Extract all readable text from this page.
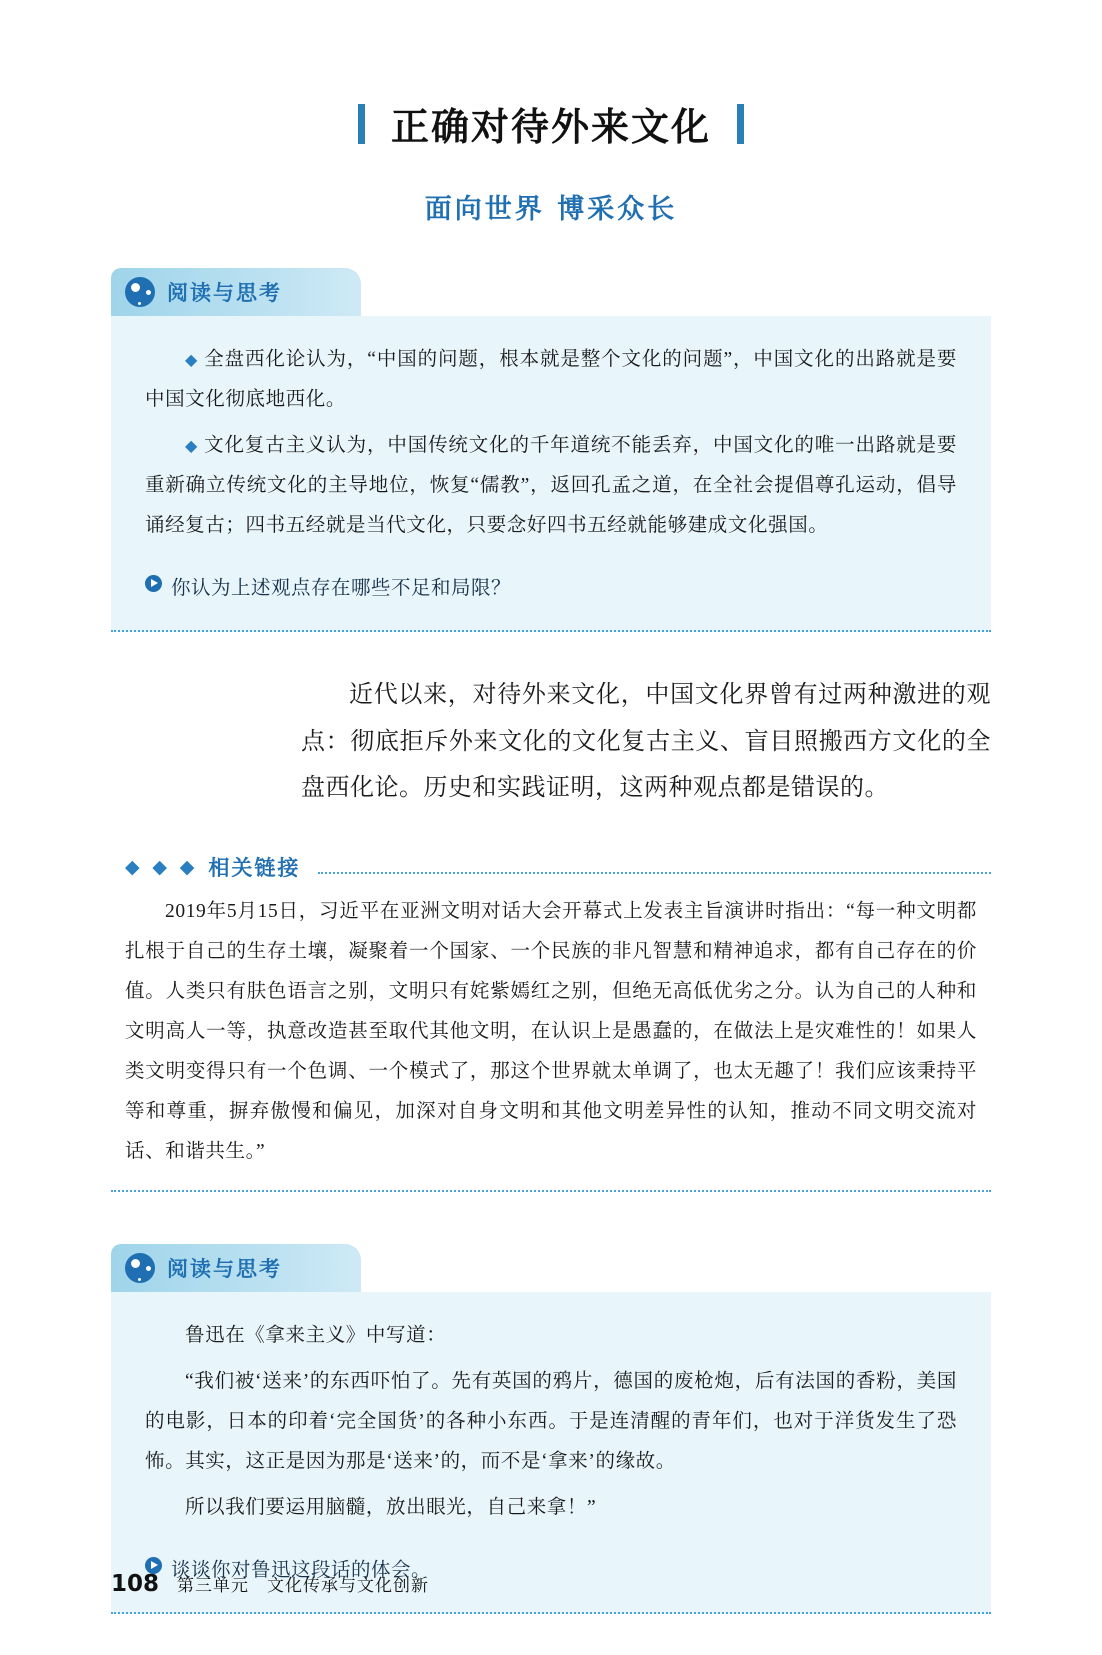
正确对待外来文化
面向世界 博采众长
阅读与思考

◆ 全盘西化论认为，“中国的问题，根本就是整个文化的问题”，中国文化的出路就是要中国文化彻底地西化。

◆ 文化复古主义认为，中国传统文化的千年道统不能丢弃，中国文化的唯一出路就是要重新确立传统文化的主导地位，恢复“儒教”，返回孔孟之道，在全社会提倡尊孔运动，倡导诵经复古；四书五经就是当代文化，只要念好四书五经就能够建成文化强国。

你认为上述观点存在哪些不足和局限？

近代以来，对待外来文化，中国文化界曾有过两种激进的观点：彻底拒斥外来文化的文化复古主义、盲目照搬西方文化的全盘西化论。历史和实践证明，这两种观点都是错误的。

◆ ◆ ◆ 相关链接

2019年5月15日，习近平在亚洲文明对话大会开幕式上发表主旨演讲时指出：“每一种文明都扎根于自己的生存土壤，凝聚着一个国家、一个民族的非凡智慧和精神追求，都有自己存在的价值。人类只有肤色语言之别，文明只有姹紫嫣红之别，但绝无高低优劣之分。认为自己的人种和文明高人一等，执意改造甚至取代其他文明，在认识上是愚蠢的，在做法上是灾难性的！如果人类文明变得只有一个色调、一个模式了，那这个世界就太单调了，也太无趣了！我们应该秉持平等和尊重，摒弃傲慢和偏见，加深对自身文明和其他文明差异性的认知，推动不同文明交流对话、和谐共生。”

阅读与思考

鲁迅在《拿来主义》中写道：

“我们被‘送来’的东西吓怕了。先有英国的鸦片，德国的废枪炮，后有法国的香粉，美国的电影，日本的印着‘完全国货’的各种小东西。于是连清醒的青年们，也对于洋货发生了恐怖。其实，这正是因为那是‘送来’的，而不是‘拿来’的缘故。

所以我们要运用脑髓，放出眼光，自己来拿！”

谈谈你对鲁迅这段话的体会。
108 第三单元　文化传承与文化创新
